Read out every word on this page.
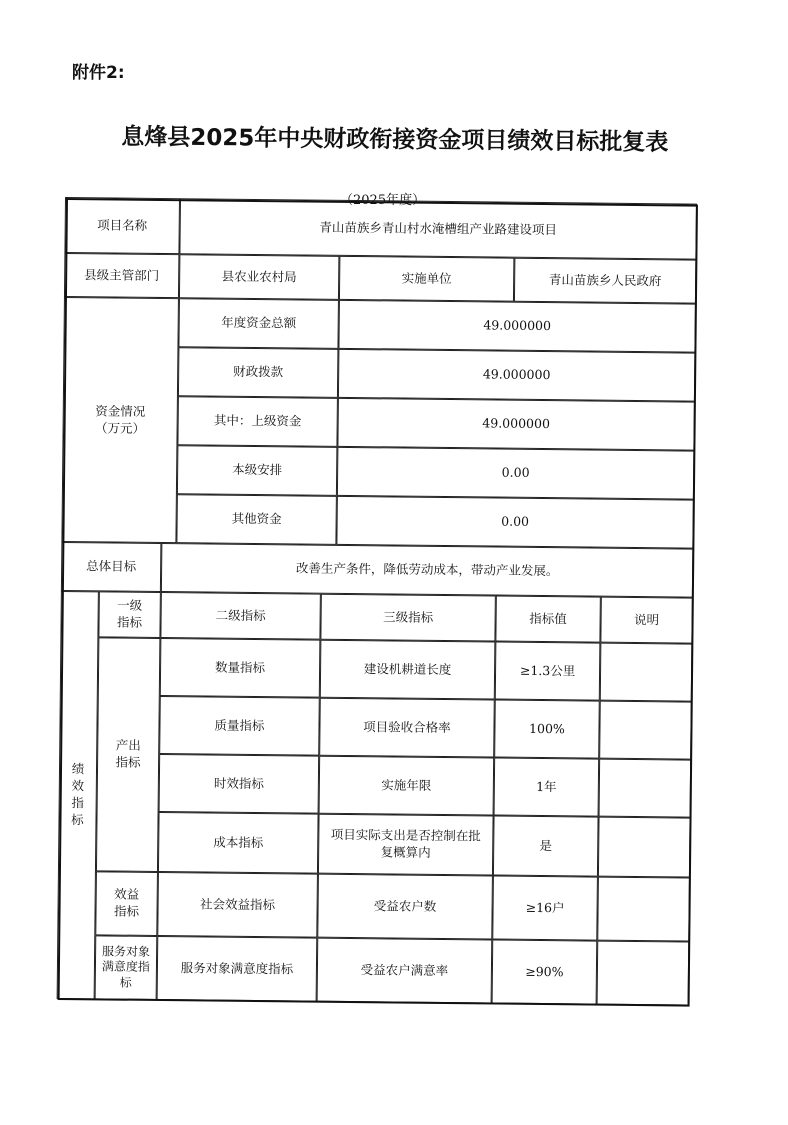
附件2:
息烽县2025年中央财政衔接资金项目绩效目标批复表
（2025年度）
项目名称	青山苗族乡青山村水淹槽组产业路建设项目
县级主管部门	县农业农村局	实施单位	青山苗族乡人民政府
资金情况
（万元）
年度资金总额	49.000000
财政拨款	49.000000
其中：上级资金	49.000000
本级安排	0.00
其他资金	0.00
总体目标	改善生产条件，降低劳动成本，带动产业发展。
绩
效
指
标
一级
指标	二级指标	三级指标	指标值	说明
产出
指标
数量指标	建设机耕道长度	≥1.3公里
质量指标	项目验收合格率	100%
时效指标	实施年限	1年
成本指标	项目实际支出是否控制在批复概算内	是
效益
指标	社会效益指标	受益农户数	≥16户
服务对象
满意度指
标
服务对象满意度指标	受益农户满意率	≥90%
